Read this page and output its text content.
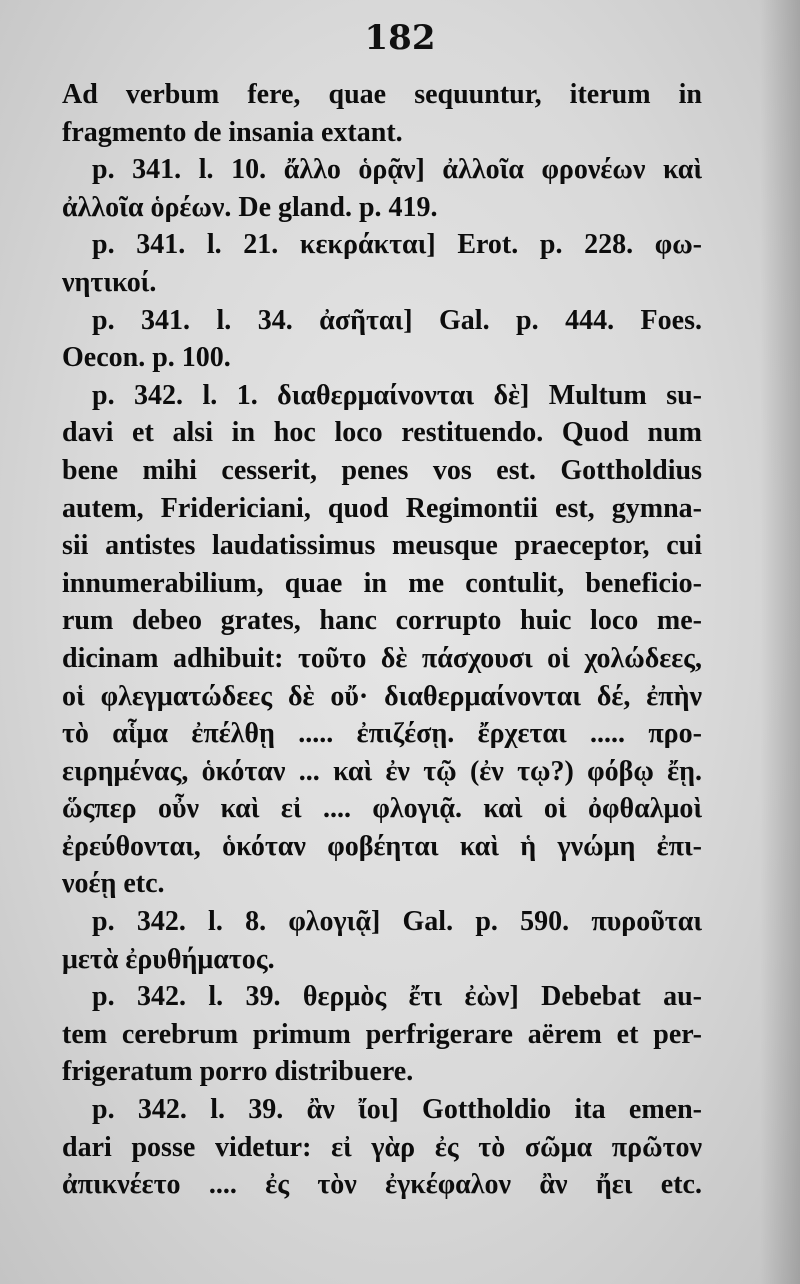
182
Ad verbum fere, quae sequuntur, iterum in
fragmento de insania extant.
p. 341. l. 10. ἄλλο ὁρᾷν] ἀλλοῖα φρονέων καὶ
ἀλλοῖα ὁρέων. De gland. p. 419.
p. 341. l. 21. κεκράκται] Erot. p. 228. φω-
νητικοί.
p. 341. l. 34. ἀσῆται] Gal. p. 444. Foes.
Oecon. p. 100.
p. 342. l. 1. διαθερμαίνονται δὲ] Multum su-
davi et alsi in hoc loco restituendo. Quod num
bene mihi cesserit, penes vos est. Gottholdius
autem, Fridericiani, quod Regimontii est, gymna-
sii antistes laudatissimus meusque praeceptor, cui
innumerabilium, quae in me contulit, beneficio-
rum debeo grates, hanc corrupto huic loco me-
dicinam adhibuit: τοῦτο δὲ πάσχουσι οἱ χολώδεες,
οἱ φλεγματώδεες δὲ οὔ· διαθερμαίνονται δέ, ἐπὴν
τὸ αἷμα ἐπέλθῃ ..... ἐπιζέσῃ. ἔρχεται ..... προ-
ειρημένας, ὁκόταν ... καὶ ἐν τῷ (ἐν τῳ?) φόβῳ ἔῃ.
ὥςπερ οὖν καὶ εἰ .... φλογιᾷ. καὶ οἱ ὀφθαλμοὶ
ἐρεύθονται, ὁκόταν φοβέηται καὶ ἡ γνώμη ἐπι-
νοέῃ etc.
p. 342. l. 8. φλογιᾷ] Gal. p. 590. πυροῦται
μετὰ ἐρυθήματος.
p. 342. l. 39. θερμὸς ἔτι ἐὼν] Debebat au-
tem cerebrum primum perfrigerare aërem et per-
frigeratum porro distribuere.
p. 342. l. 39. ἂν ἴοι] Gottholdio ita emen-
dari posse videtur: εἰ γὰρ ἐς τὸ σῶμα πρῶτον
ἀπικνέετο .... ἐς τὸν ἐγκέφαλον ἂν ἤει etc.
